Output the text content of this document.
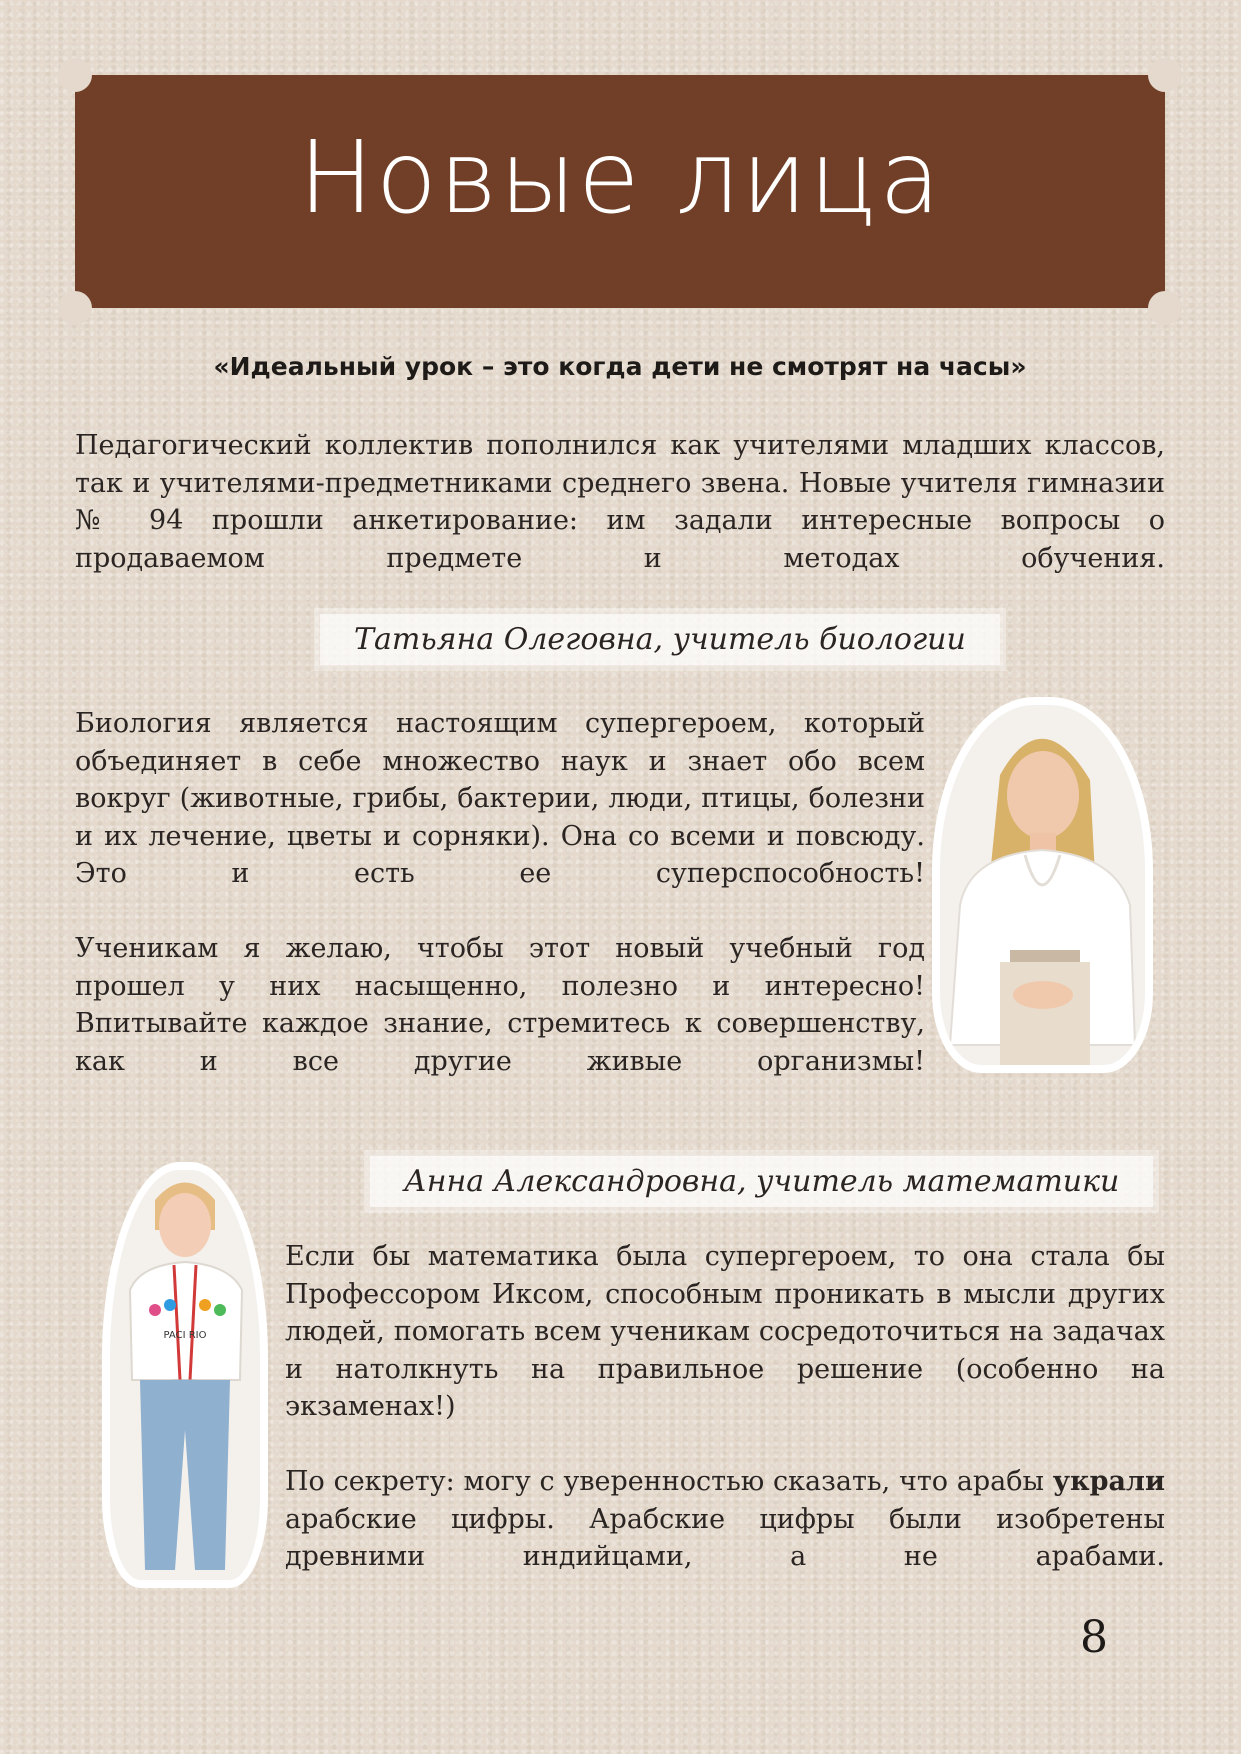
Новые лица

«Идеальный урок – это когда дети не смотрят на часы»

Педагогический коллектив пополнился как учителями младших классов, так и учителями-предметниками среднего звена. Новые учителя гимназии № 94 прошли анкетирование: им задали интересные вопросы о продаваемом предмете и методах обучения.

Татьяна Олеговна, учитель биологии

Биология является настоящим супергероем, который объединяет в себе множество наук и знает обо всем вокруг (животные, грибы, бактерии, люди, птицы, болезни и их лечение, цветы и сорняки). Она со всеми и повсюду. Это и есть ее суперспособность!

Ученикам я желаю, чтобы этот новый учебный год прошел у них насыщенно, полезно и интересно! Впитывайте каждое знание, стремитесь к совершенству, как и все другие живые организмы!

Анна Александровна, учитель математики

Если бы математика была супергероем, то она стала бы Профессором Иксом, способным проникать в мысли других людей, помогать всем ученикам сосредоточиться на задачах и натолкнуть на правильное решение (особенно на экзаменах!)

По секрету: могу с уверенностью сказать, что арабы украли арабские цифры. Арабские цифры были изобретены древними индийцами, а не арабами.

PACI RIO

8
